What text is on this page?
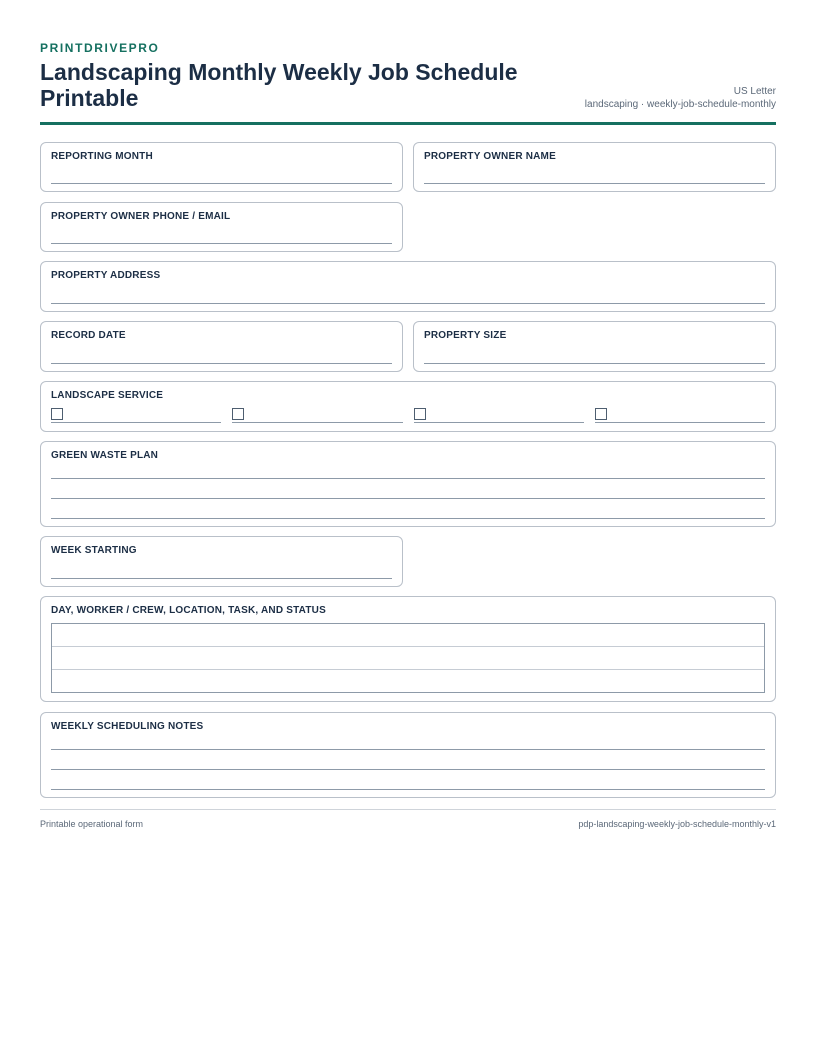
PRINTDRIVEPRO
Landscaping Monthly Weekly Job Schedule Printable	US Letter
landscaping · weekly-job-schedule-monthly
REPORTING MONTH	PROPERTY OWNER NAME
PROPERTY OWNER PHONE / EMAIL
PROPERTY ADDRESS
RECORD DATE	PROPERTY SIZE
LANDSCAPE SERVICE
GREEN WASTE PLAN
WEEK STARTING
DAY, WORKER / CREW, LOCATION, TASK, AND STATUS
WEEKLY SCHEDULING NOTES
Printable operational form	pdp-landscaping-weekly-job-schedule-monthly-v1
